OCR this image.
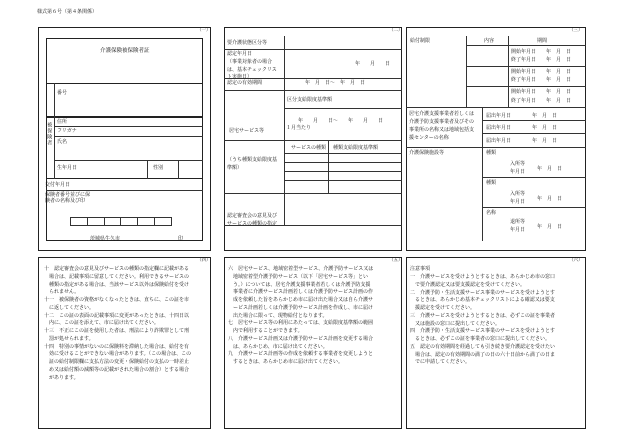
様式第６号（第４条関係）
（一）
介護保険被保険者証
番号
被保険者 住所
フリガナ
氏名
生年月日	性別
交付年月日
保険者番号並びに保
険者の名称及び印
茨城県牛久市	印
（二）
要介護状態区分等
認定年月日
（事業対象者の場合
は、基本チェックリス
ト実施日）
年　　月　　日
認定の有効期間	年　月　日～　年　月　日
居宅サービス等
区分支給限度基準額
年　　月　　日～　　年　　月　　日
１月当たり
（うち種類支給限度基
準額）
サービスの種類 種類支給限度基準額
認定審査会の意見及び
サービスの種類の指定
（三）
給付制限	内容	期間
開始年月日 年　月　日
終了年月日 年　月　日
開始年月日 年　月　日
終了年月日 年　月　日
開始年月日 年　月　日
終了年月日 年　月　日
居宅介護支援事業者若しくは
介護予防支援事業者及びその
事業所の名称又は地域包括支
援センターの名称
届出年月日	年　月　日
届出年月日	年　月　日
届出年月日	年　月　日
介護保険施設等	種類
入所等
年月日 年　月　日
種類
入所等
年月日 年　月　日
名称
退所等
年月日 年　月　日
（四）
十　認定審査会の意見及びサービスの種類の指定欄に記載がある
　場合は、記載事項に留意してください。利用できるサービスの
　種類の指定がある場合は、当該サービス以外は保険給付を受け
　られません。
十一　被保険者の資格がなくなったときは、直ちに、この証を市
　に返してください。
十二　この証の表面の記載事項に変更があったときは、十四日以
　内に、この証を添えて、市に届け出てください。
十三　不正にこの証を使用した者は、刑法により詐欺罪として刑
　罰が処せられます。
十四　特別の事情がないのに保険料を滞納した場合は、給付を有
　効に受けることができない場合があります。（この場合は、この
　証の給付制限欄に支払方法の変更・保険給付の支払の一時差止
　め又は給付額の減額等の記載がされた場合の割合）とする場合
　があります。
（五）
六　居宅サービス、地域密着型サービス、介護予防サービス又は
　地域密着型介護予防サービス（以下「居宅サービス等」とい
　う。）については、居宅介護支援事業者若しくは介護予防支援
　事業者に介護サービス計画若しくは介護予防サービス計画の作
　成を依頼した旨をあらかじめ市に届け出た場合又は自ら介護サ
　ービス計画若しくは介護予防サービス計画を作成し、市に届け
　出た場合に限って、現物給付となります。
七　居宅サービス等の利用にあたっては、支給限度基準額の範囲
　内で利用することができます。
八　介護サービス計画又は介護予防サービス計画を変更する場合
　は、あらかじめ、市に届け出てください。
九　介護サービス計画等の作成を依頼する事業者を変更しようと
　するときは、あらかじめ市に届け出てください。
（六）
注意事項
一　介護サービスを受けようとするときは、あらかじめ市の窓口
　で要介護認定又は要支援認定を受けてください。
二　介護予防・生活支援サービス事業のサービスを受けようとす
　るときは、あらかじめ基本チェックリストによる確認又は要支
　援認定を受けてください。
三　介護サービスを受けようとするときは、必ずこの証を事業者
　又は施設の窓口に提出してください。
四　介護予防・生活支援サービス事業のサービスを受けようとす
　るときは、必ずこの証を事業者の窓口に提出してください。
五　認定の有効期間を経過しても引き続き要介護認定を受けたい
　場合は、認定の有効期間の満了の日の六十日前から満了の日ま
　でに申請してください。
